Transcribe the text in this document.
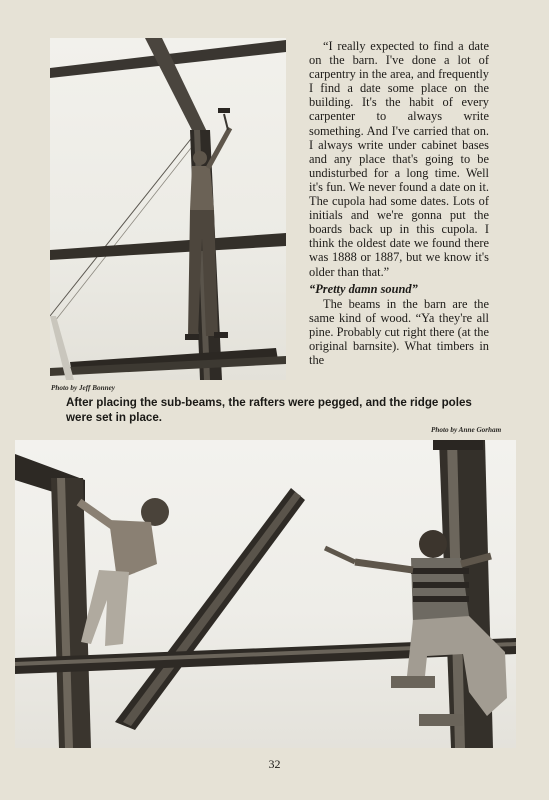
Photo by Jeff Bonney

“I really expected to find a date on the barn. I've done a lot of carpentry in the area, and frequently I find a date some place on the building. It's the habit of every carpenter to always write something. And I've carried that on. I always write under cabinet bases and any place that's going to be undisturbed for a long time. Well it's fun. We never found a date on it. The cupola had some dates. Lots of initials and we're gonna put the boards back up in this cupola. I think the oldest date we found there was 1888 or 1887, but we know it's older than that.”

“Pretty damn sound”

The beams in the barn are the same kind of wood. “Ya they're all pine. Probably cut right there (at the original barnsite). What timbers in the

After placing the sub-beams, the rafters were pegged, and the ridge poles were set in place.
Photo by Anne Gorham
32
